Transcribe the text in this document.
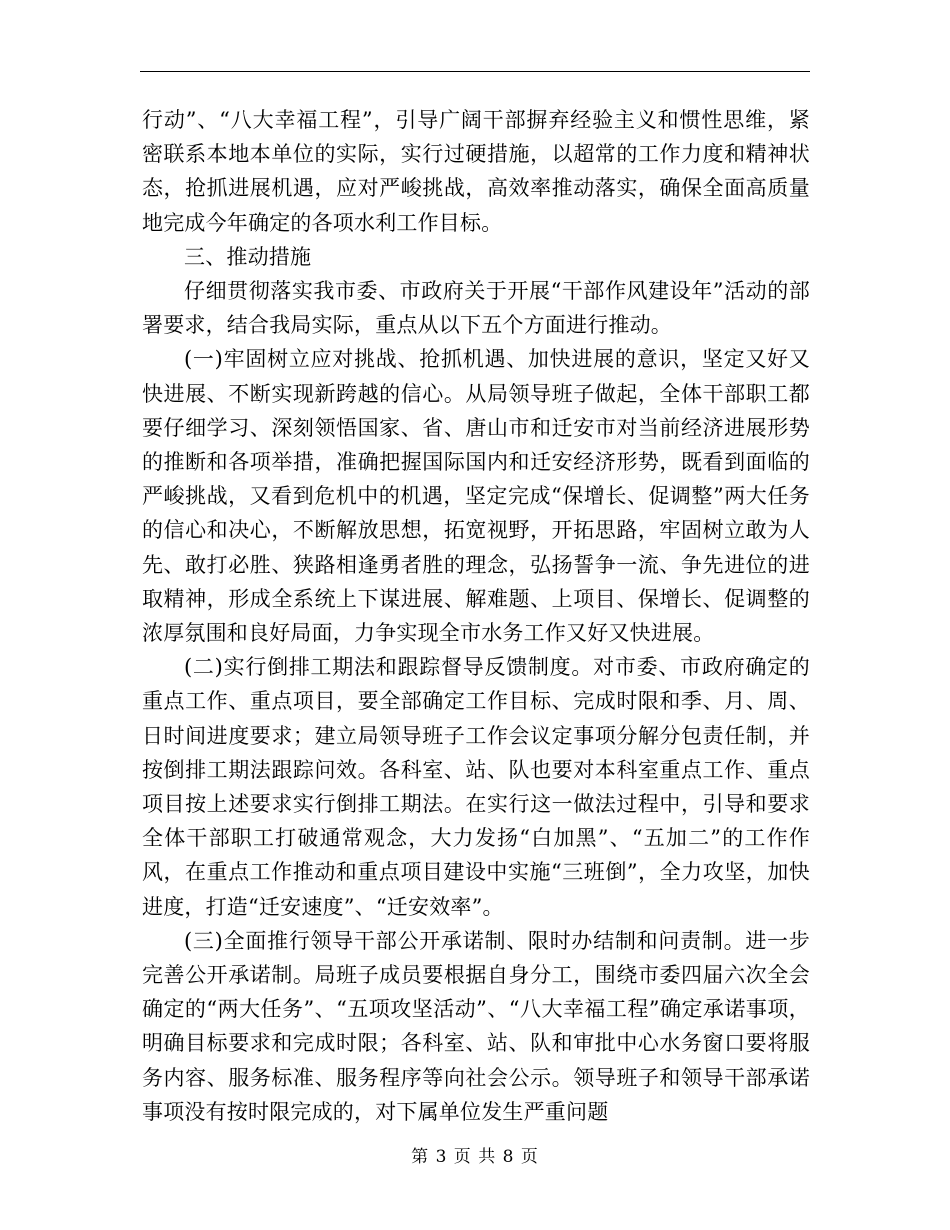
行动”、“八大幸福工程”，引导广阔干部摒弃经验主义和惯性思维，紧密联系本地本单位的实际，实行过硬措施，以超常的工作力度和精神状态，抢抓进展机遇，应对严峻挑战，高效率推动落实，确保全面高质量地完成今年确定的各项水利工作目标。

三、推动措施

仔细贯彻落实我市委、市政府关于开展“干部作风建设年”活动的部署要求，结合我局实际，重点从以下五个方面进行推动。

(一)牢固树立应对挑战、抢抓机遇、加快进展的意识，坚定又好又快进展、不断实现新跨越的信心。从局领导班子做起，全体干部职工都要仔细学习、深刻领悟国家、省、唐山市和迁安市对当前经济进展形势的推断和各项举措，准确把握国际国内和迁安经济形势，既看到面临的严峻挑战，又看到危机中的机遇，坚定完成“保增长、促调整”两大任务的信心和决心，不断解放思想，拓宽视野，开拓思路，牢固树立敢为人先、敢打必胜、狭路相逢勇者胜的理念，弘扬誓争一流、争先进位的进取精神，形成全系统上下谋进展、解难题、上项目、保增长、促调整的浓厚氛围和良好局面，力争实现全市水务工作又好又快进展。

(二)实行倒排工期法和跟踪督导反馈制度。对市委、市政府确定的重点工作、重点项目，要全部确定工作目标、完成时限和季、月、周、日时间进度要求；建立局领导班子工作会议定事项分解分包责任制，并按倒排工期法跟踪问效。各科室、站、队也要对本科室重点工作、重点项目按上述要求实行倒排工期法。在实行这一做法过程中，引导和要求全体干部职工打破通常观念，大力发扬“白加黑”、“五加二”的工作作风，在重点工作推动和重点项目建设中实施“三班倒”，全力攻坚，加快进度，打造“迁安速度”、“迁安效率”。

(三)全面推行领导干部公开承诺制、限时办结制和问责制。进一步完善公开承诺制。局班子成员要根据自身分工，围绕市委四届六次全会确定的“两大任务”、“五项攻坚活动”、“八大幸福工程”确定承诺事项，明确目标要求和完成时限；各科室、站、队和审批中心水务窗口要将服务内容、服务标准、服务程序等向社会公示。领导班子和领导干部承诺事项没有按时限完成的，对下属单位发生严重问题

第 3 页 共 8 页
